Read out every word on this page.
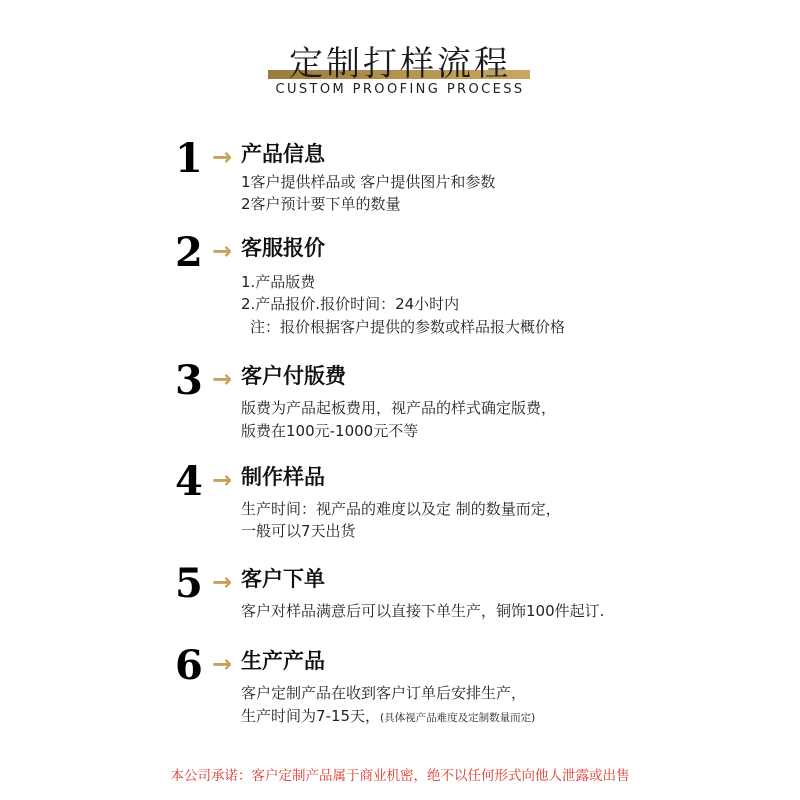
定制打样流程
CUSTOM PROOFING PROCESS
1 → 产品信息
1客户提供样品或 客户提供图片和参数
2客户预计要下单的数量
2 → 客服报价
1.产品版费
2.产品报价.报价时间：24小时内
注：报价根据客户提供的参数或样品报大概价格
3 → 客户付版费
版费为产品起板费用，视产品的样式确定版费，
版费在100元-1000元不等
4 → 制作样品
生产时间：视产品的难度以及定 制的数量而定，
一般可以7天出货
5 → 客户下单
客户对样品满意后可以直接下单生产，铜饰100件起订.
6 → 生产产品
客户定制产品在收到客户订单后安排生产，
生产时间为7-15天，(具体视产品难度及定制数量而定)
本公司承诺：客户定制产品属于商业机密，绝不以任何形式向他人泄露或出售
